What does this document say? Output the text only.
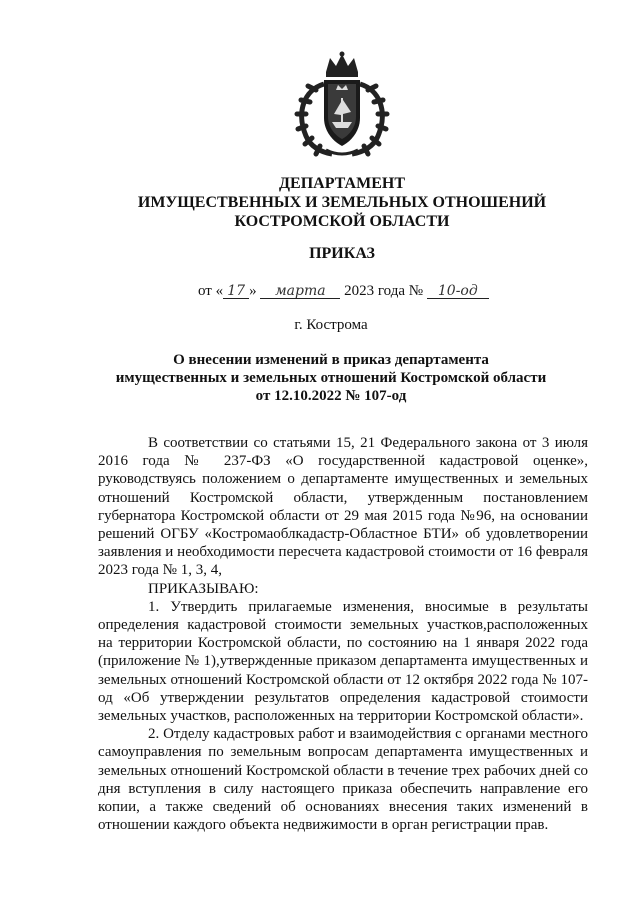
ДЕПАРТАМЕНТ
ИМУЩЕСТВЕННЫХ И ЗЕМЕЛЬНЫХ ОТНОШЕНИЙ
КОСТРОМСКОЙ ОБЛАСТИ
ПРИКАЗ
от « 17 » марта 2023 года № 10-од
г. Кострома
О внесении изменений в приказ департамента
имущественных и земельных отношений Костромской области
от 12.10.2022 № 107-од

В соответствии со статьями 15, 21 Федерального закона от 3 июля 2016 года № 237-ФЗ «О государственной кадастровой оценке», руководствуясь положением о департаменте имущественных и земельных отношений Костромской области, утвержденным постановлением губернатора Костромской области от 29 мая 2015 года №96, на основании решений ОГБУ «Костромаоблкадастр-Областное БТИ» об удовлетворении заявления и необходимости пересчета кадастровой стоимости от 16 февраля 2023 года № 1, 3, 4,

ПРИКАЗЫВАЮ:

1. Утвердить прилагаемые изменения, вносимые в результаты определения кадастровой стоимости земельных участков,расположенных на территории Костромской области, по состоянию на 1 января 2022 года (приложение № 1),утвержденные приказом департамента имущественных и земельных отношений Костромской области от 12 октября 2022 года № 107-од «Об утверждении результатов определения кадастровой стоимости земельных участков, расположенных на территории Костромской области».

2. Отделу кадастровых работ и взаимодействия с органами местного самоуправления по земельным вопросам департамента имущественных и земельных отношений Костромской области в течение трех рабочих дней со дня вступления в силу настоящего приказа обеспечить направление его копии, а также сведений об основаниях внесения таких изменений в отношении каждого объекта недвижимости в орган регистрации прав.
